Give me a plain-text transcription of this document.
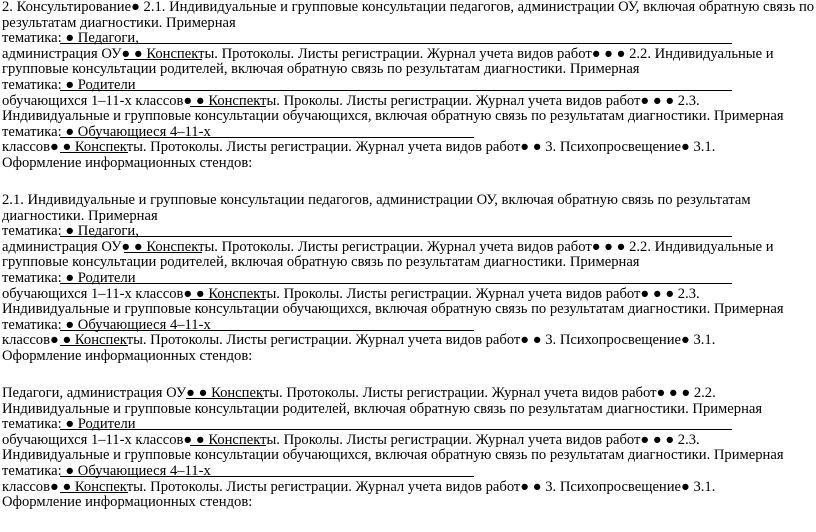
2. Консультирование● 2.1. Индивидуальные и групповые консультации педагогов, администрации ОУ, включая обратную связь по
результатам диагностики. Примерная
тематика: ● Педагоги,
администрация ОУ● ● Конспекты. Протоколы. Листы регистрации. Журнал учета видов работ● ● ● 2.2. Индивидуальные и
групповые консультации родителей, включая обратную связь по результатам диагностики. Примерная
тематика: ● Родители
обучающихся 1–11-х классов● ● Конспекты. Проколы. Листы регистрации. Журнал учета видов работ● ● ● 2.3.
Индивидуальные и групповые консультации обучающихся, включая обратную связь по результатам диагностики. Примерная
тематика: ● Обучающиеся 4–11-х
классов● ● Конспекты. Протоколы. Листы регистрации. Журнал учета видов работ● ● 3. Психопросвещение● 3.1.
Оформление информационных стендов:
2.1. Индивидуальные и групповые консультации педагогов, администрации ОУ, включая обратную связь по результатам
диагностики. Примерная
тематика: ● Педагоги,
администрация ОУ● ● Конспекты. Протоколы. Листы регистрации. Журнал учета видов работ● ● ● 2.2. Индивидуальные и
групповые консультации родителей, включая обратную связь по результатам диагностики. Примерная
тематика: ● Родители
обучающихся 1–11-х классов● ● Конспекты. Проколы. Листы регистрации. Журнал учета видов работ● ● ● 2.3.
Индивидуальные и групповые консультации обучающихся, включая обратную связь по результатам диагностики. Примерная
тематика: ● Обучающиеся 4–11-х
классов● ● Конспекты. Протоколы. Листы регистрации. Журнал учета видов работ● ● 3. Психопросвещение● 3.1.
Оформление информационных стендов:
Педагоги, администрация ОУ● ● Конспекты. Протоколы. Листы регистрации. Журнал учета видов работ● ● ● 2.2.
Индивидуальные и групповые консультации родителей, включая обратную связь по результатам диагностики. Примерная
тематика: ● Родители
обучающихся 1–11-х классов● ● Конспекты. Проколы. Листы регистрации. Журнал учета видов работ● ● ● 2.3.
Индивидуальные и групповые консультации обучающихся, включая обратную связь по результатам диагностики. Примерная
тематика: ● Обучающиеся 4–11-х
классов● ● Конспекты. Протоколы. Листы регистрации. Журнал учета видов работ● ● 3. Психопросвещение● 3.1.
Оформление информационных стендов:
